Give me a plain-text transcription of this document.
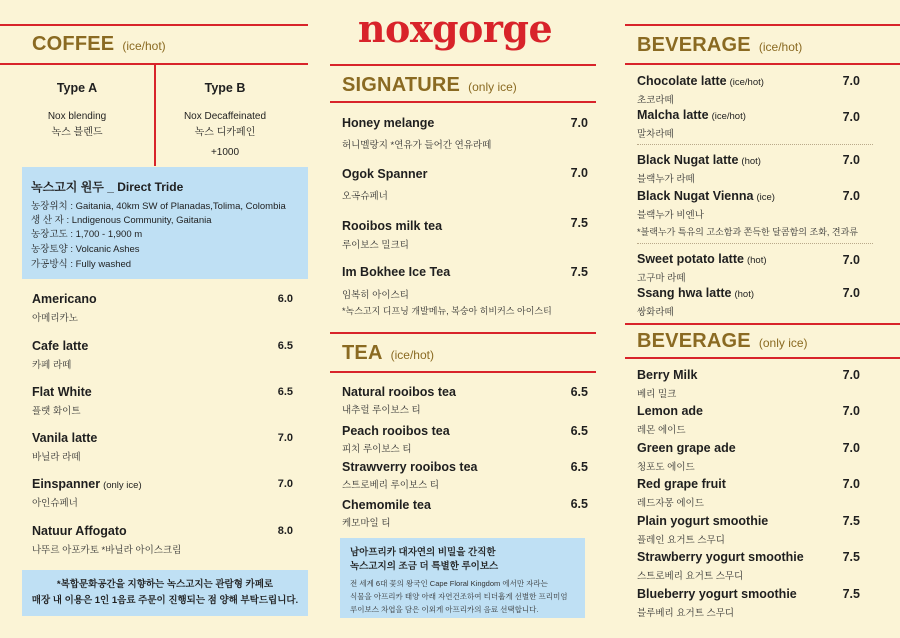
noxgorge
COFFEE (ice/hot)
Type A
Nox blending
녹스 블렌드
Type B
Nox Decaffeinated
녹스 디카페인
+1000
녹스고지 원두 _ Direct Tride
농장위치 : Gaitania, 40km SW of Planadas,Tolima, Colombia
생 산 자 : Lndigenous Community, Gaitania
농장고도 : 1,700 - 1,900 m
농장토양 : Volcanic Ashes
가공방식 : Fully washed
Americano
아메리카노
6.0
Cafe latte
카페 라떼
6.5
Flat White
플랫 화이트
6.5
Vanila latte
바닐라 라떼
7.0
Einspanner (only ice)
아인슈페너
7.0
Natuur Affogato
나뚜르 아포카토 *바닐라 아이스크림
8.0
*복합문화공간을 지향하는 녹스고지는 관람형 카페로
매장 내 이용은 1인 1음료 주문이 진행되는 점 양해 부탁드립니다.
SIGNATURE (only ice)
Honey melange
허니멜랑지 *연유가 들어간 연유라떼
7.0
Ogok Spanner
오곡슈페너
7.0
Rooibos milk tea
루이보스 밀크티
7.5
Im Bokhee Ice Tea
임복히 아이스티
7.5
*녹스고지 디프닝 개발메뉴, 복숭아 히비커스 아이스티
TEA (ice/hot)
Natural rooibos tea
내추럴 루이보스 티
6.5
Peach rooibos tea
피치 루이보스 티
6.5
Strawverry rooibos tea
스트로베리 루이보스 티
6.5
Chemomile tea
케모마일 티
6.5
남아프리카 대자연의 비밀을 간직한
녹스고지의 조금 더 특별한 루이보스
전 세계 6대 꽃의 왕국인 Cape Floral Kingdom 에서만 자라는
식물을 아프리카 태양 아래 자연건조하여 티더훕게 선별한 프리미엄
루이보스 차엽을 담은 이외게 아프리카의 음료 선택합니다.
BEVERAGE (ice/hot)
Chocolate latte (ice/hot)
초코라떼
7.0
Malcha latte (ice/hot)
말차라떼
7.0
Black Nugat latte (hot)
블랙누가 라떼
7.0
Black Nugat Vienna (ice)
블랙누가 비엔나
7.0
*블랙누가 특유의 고소함과 쫀득한 달콤함의 조화, 견과류
Sweet potato latte (hot)
고구마 라떼
7.0
Ssang hwa latte (hot)
쌍화라떼
7.0
BEVERAGE (only ice)
Berry Milk
베리 밀크
7.0
Lemon ade
레몬 에이드
7.0
Green grape ade
청포도 에이드
7.0
Red grape fruit
레드자몽 에이드
7.0
Plain yogurt smoothie
플레인 요거트 스무디
7.5
Strawberry yogurt smoothie
스트로베리 요거트 스무디
7.5
Blueberry yogurt smoothie
블루베리 요거트 스무디
7.5
